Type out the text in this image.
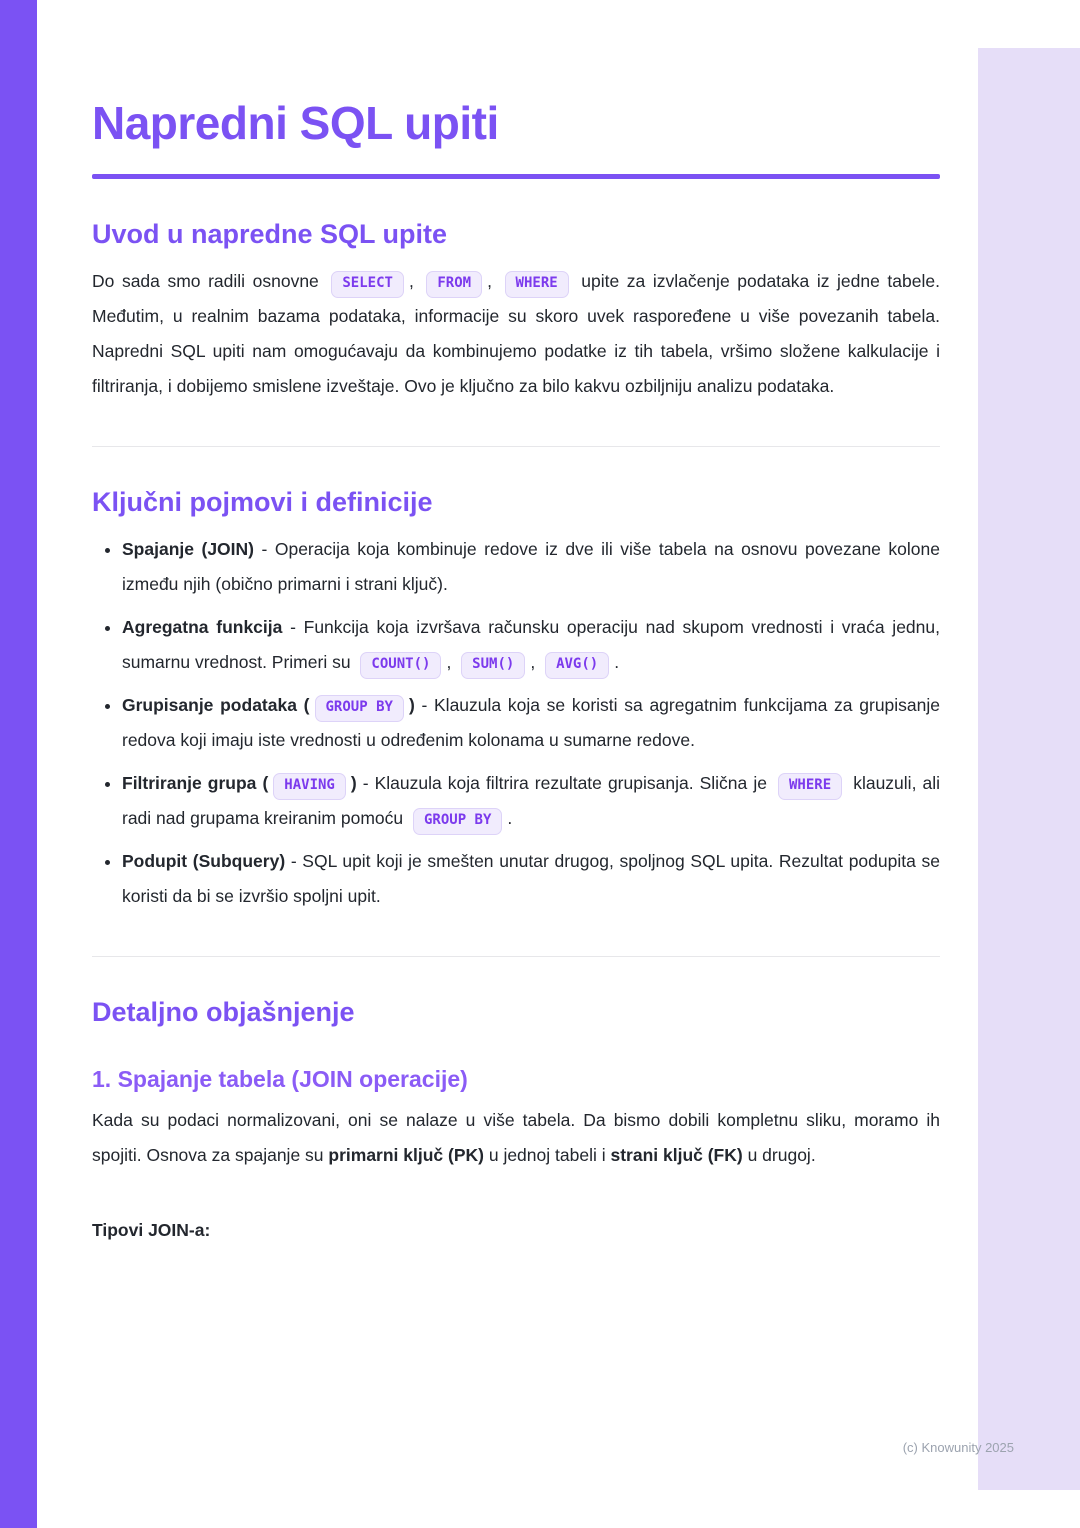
Napredni SQL upiti
Uvod u napredne SQL upite

Do sada smo radili osnovne SELECT , FROM , WHERE upite za izvlačenje podataka iz jedne tabele. Međutim, u realnim bazama podataka, informacije su skoro uvek raspoređene u više povezanih tabela. Napredni SQL upiti nam omogućavaju da kombinujemo podatke iz tih tabela, vršimo složene kalkulacije i filtriranja, i dobijemo smislene izveštaje. Ovo je ključno za bilo kakvu ozbiljniju analizu podataka.

Ključni pojmovi i definicije
• Spajanje (JOIN) - Operacija koja kombinuje redove iz dve ili više tabela na osnovu povezane kolone između njih (obično primarni i strani ključ).
• Agregatna funkcija - Funkcija koja izvršava računsku operaciju nad skupom vrednosti i vraća jednu, sumarnu vrednost. Primeri su COUNT() , SUM() , AVG() .
• Grupisanje podataka ( GROUP BY ) - Klauzula koja se koristi sa agregatnim funkcijama za grupisanje redova koji imaju iste vrednosti u određenim kolonama u sumarne redove.
• Filtriranje grupa ( HAVING ) - Klauzula koja filtrira rezultate grupisanja. Slična je WHERE klauzuli, ali radi nad grupama kreiranim pomoću GROUP BY .
• Podupit (Subquery) - SQL upit koji je smešten unutar drugog, spoljnog SQL upita. Rezultat podupita se koristi da bi se izvršio spoljni upit.
Detaljno objašnjenje
1. Spajanje tabela (JOIN operacije)

Kada su podaci normalizovani, oni se nalaze u više tabela. Da bismo dobili kompletnu sliku, moramo ih spojiti. Osnova za spajanje su primarni ključ (PK) u jednoj tabeli i strani ključ (FK) u drugoj.

Tipovi JOIN-a:

(c) Knowunity 2025
